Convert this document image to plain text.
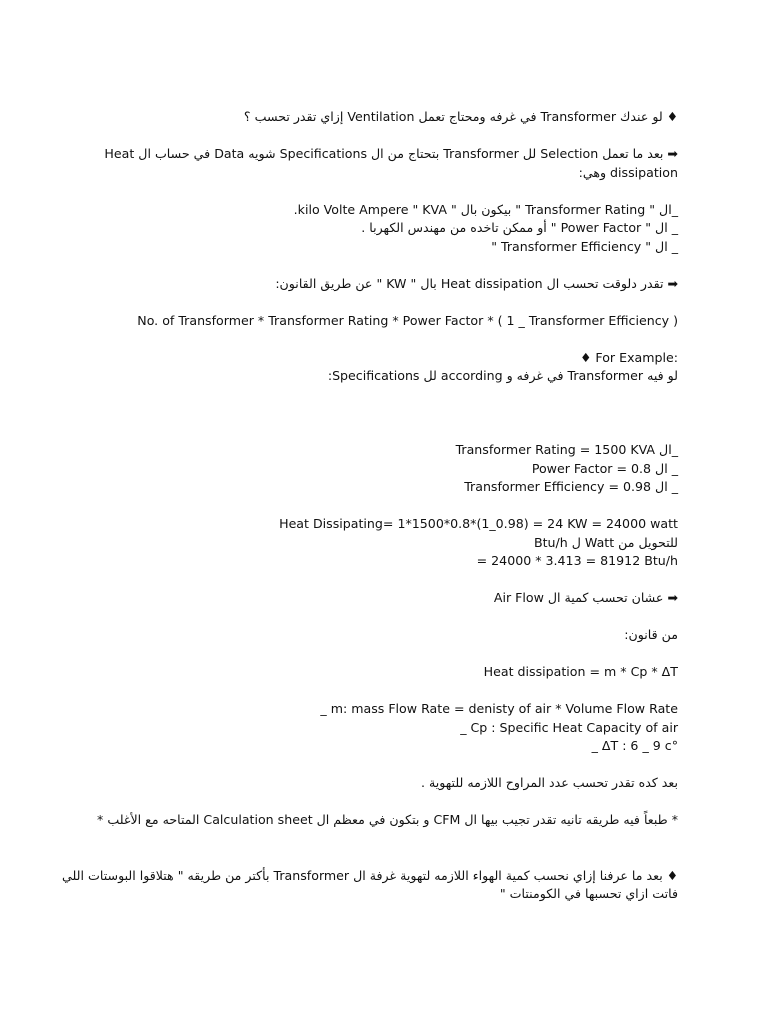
♦ لو عندك Transformer في غرفه ومحتاج تعمل Ventilation إزاي تقدر تحسب ؟
➡ بعد ما تعمل Selection لل Transformer بتحتاج من ال Specifications شويه Data في حساب ال Heat dissipation وهي:
_ال " Transformer Rating " بيكون بال " kilo Volte Ampere " KVA.
_ ال " Power Factor " أو ممكن تاخده من مهندس الكهربا .
_ ال " Transformer Efficiency "
➡ تقدر دلوقت تحسب ال Heat dissipation بال " KW " عن طريق القانون:
No. of Transformer * Transformer Rating * Power Factor * ( 1 _ Transformer Efficiency )
♦ For Example:
لو فيه Transformer في غرفه و according لل Specifications:
_ال Transformer Rating = 1500 KVA
_ ال Power Factor = 0.8
_ ال Transformer Efficiency = 0.98
Heat Dissipating= 1*1500*0.8*(1_0.98) = 24 KW = 24000 watt
للتحويل من Watt ل Btu/h
= 24000 * 3.413 = 81912 Btu/h
➡ عشان تحسب كمية ال Air Flow
من قانون:
Heat dissipation = m * Cp * ΔT
_ m: mass Flow Rate = denisty of air * Volume Flow Rate
_ Cp : Specific Heat Capacity of air
_ ΔT : 6 _ 9 c°
بعد كده تقدر تحسب عدد المراوح اللازمه للتهوية .
* طبعاً فيه طريقه تانيه تقدر تجيب بيها ال CFM و بتكون في معظم ال Calculation sheet المتاحه مع الأغلب *
♦ بعد ما عرفنا إزاي نحسب كمية الهواء اللازمه لتهوية غرفة ال Transformer بأكتر من طريقه " هتلاقوا البوستات اللي فاتت ازاي تحسبها في الكومنتات "
